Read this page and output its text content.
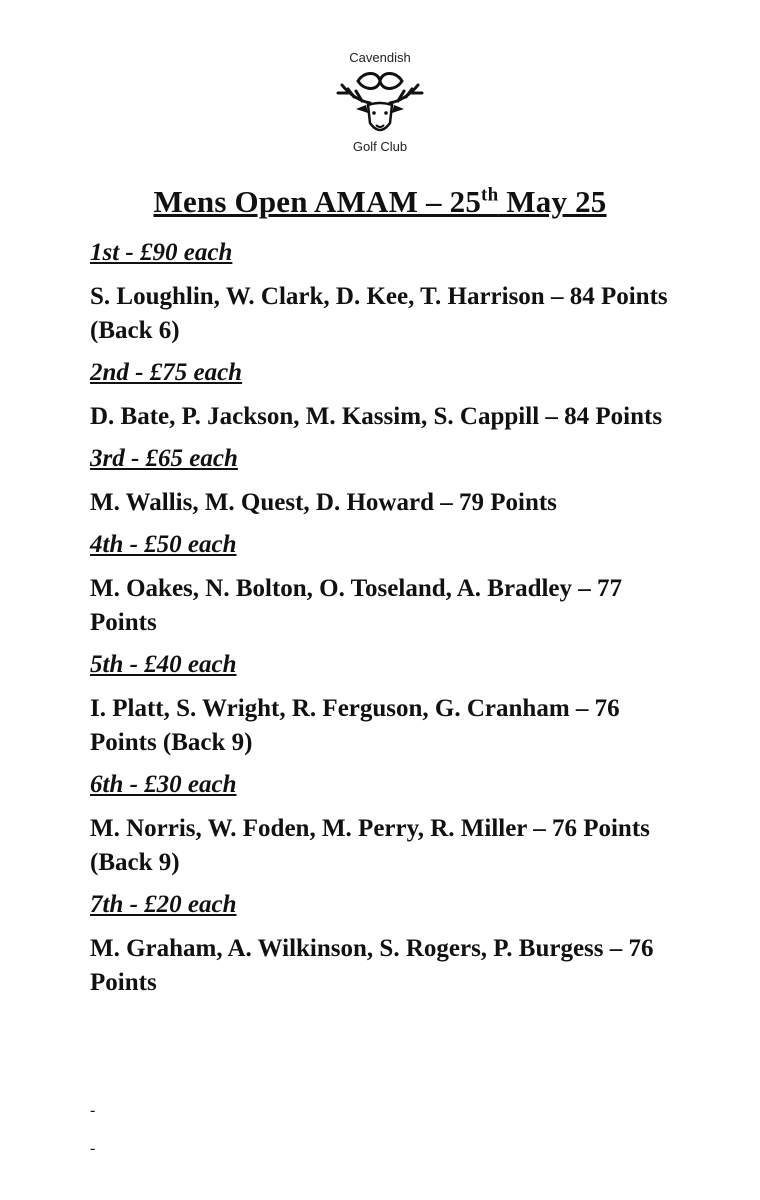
Cavendish
Golf Club
Mens Open AMAM – 25th May 25

1st - £90 each

S. Loughlin, W. Clark, D. Kee, T. Harrison – 84 Points (Back 6)

2nd - £75 each

D. Bate, P. Jackson, M. Kassim, S. Cappill – 84 Points

3rd - £65 each

M. Wallis, M. Quest, D. Howard – 79 Points

4th - £50 each

M. Oakes, N. Bolton, O. Toseland, A. Bradley – 77 Points

5th - £40 each

I. Platt, S. Wright, R. Ferguson, G. Cranham – 76 Points (Back 9)

6th - £30 each

M. Norris, W. Foden, M. Perry, R. Miller – 76 Points (Back 9)

7th - £20 each

M. Graham, A. Wilkinson, S. Rogers, P. Burgess – 76 Points

-

-
